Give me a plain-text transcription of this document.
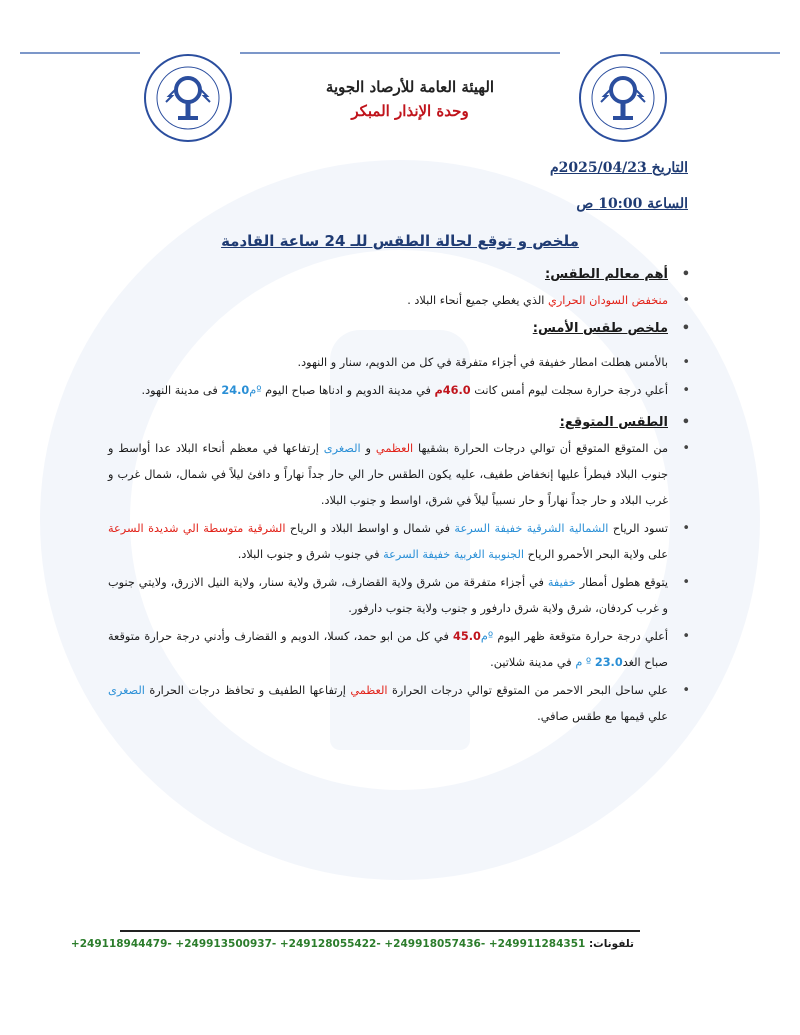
الهيئة العامة للأرصاد الجوية
وحدة الإنذار المبكر
التاريخ 2025/04/23م
الساعة 10:00 ص
ملخص و توقع لحالة الطقس للـ 24 ساعة القادمة
•
أهم معالم الطقس:
•
منخفض السودان الحراري الذي يغطي جميع أنحاء البلاد .
•
ملخص طقس الأمس:
•
بالأمس هطلت امطار خفيفة في أجزاء متفرقة في كل من الدويم، سنار و النهود.
•
أعلي درجة حرارة سجلت ليوم أمس كانت 46.0م في مدينة الدويم و ادناها صباح اليوم ºم24.0 فى مدينة النهود.
•
الطقس المتوقع:
•
من المتوقع المتوقع أن توالي درجات الحرارة بشقيها العظمي و الصغرى إرتفاعها في معظم أنحاء البلاد عدا أواسط و جنوب البلاد فيطرأ عليها إنخفاض طفيف، عليه يكون الطقس حار الي حار جداً نهاراً و دافئ ليلاً في شمال، شمال غرب و غرب البلاد و حار جداً نهاراً و حار نسبياً ليلاً في شرق، اواسط و جنوب البلاد.
•
تسود الرياح الشمالية الشرقية خفيفة السرعة في شمال و اواسط البلاد و الرياح الشرقية متوسطة الي شديدة السرعة على ولاية البحر الأحمرو الرياح الجنوبية الغربية خفيفة السرعة في جنوب شرق و جنوب البلاد.
•
يتوقع هطول أمطار خفيفة في أجزاء متفرقة من شرق ولاية القضارف، شرق ولاية سنار، ولاية النيل الازرق، ولايتي جنوب و غرب كردفان، شرق ولاية شرق دارفور و جنوب ولاية جنوب دارفور.
•
أعلي درجة حرارة متوقعة ظهر اليوم ºم45.0 في كل من ابو حمد، كسلا، الدويم و القضارف وأدني درجة حرارة متوقعة صباح الغد23.0 º م في مدينة شلاتين.
•
علي ساحل البحر الاحمر من المتوقع توالي درجات الحرارة العظمي إرتفاعها الطفيف و تحافظ درجات الحرارة الصغرى علي قيمها مع طقس صافي.
تلفونات: +249118944479- +249913500937- +249128055422- +249918057436- +249911284351
